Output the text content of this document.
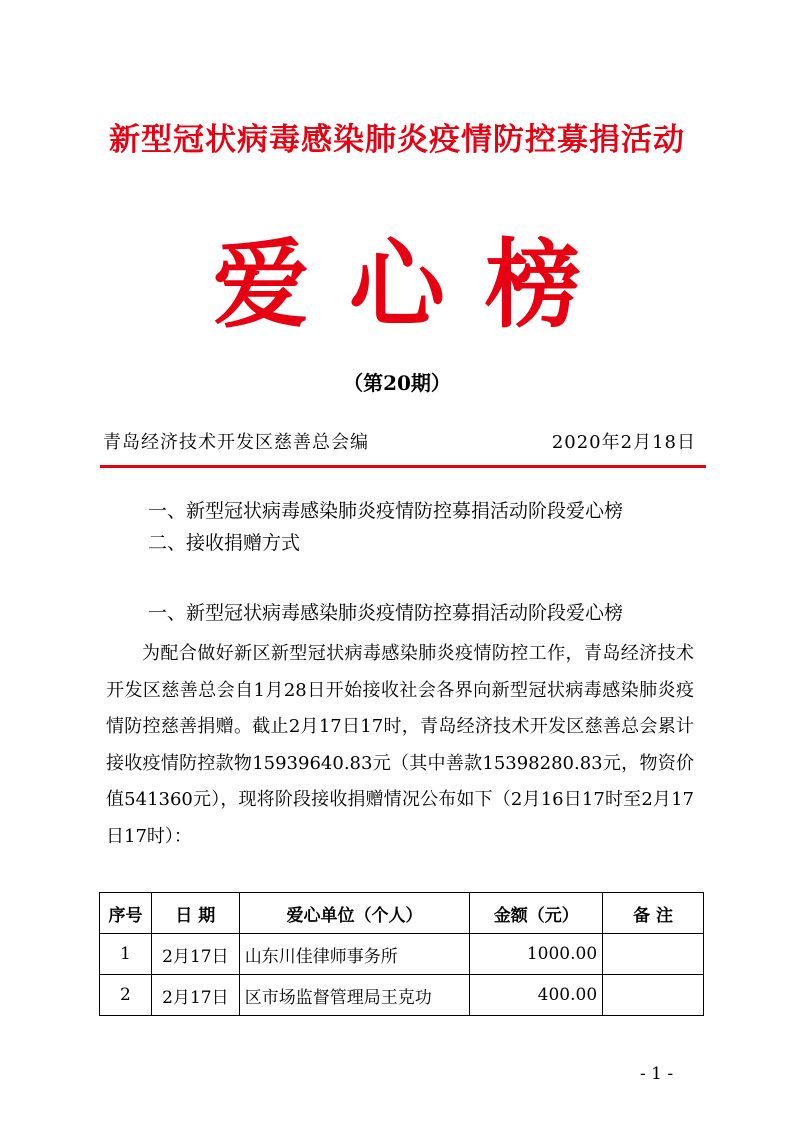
新型冠状病毒感染肺炎疫情防控募捐活动
爱心榜
（第20期）
青岛经济技术开发区慈善总会编	2020年2月18日
一、新型冠状病毒感染肺炎疫情防控募捐活动阶段爱心榜
二、接收捐赠方式
一、新型冠状病毒感染肺炎疫情防控募捐活动阶段爱心榜

为配合做好新区新型冠状病毒感染肺炎疫情防控工作，青岛经济技术开发区慈善总会自1月28日开始接收社会各界向新型冠状病毒感染肺炎疫情防控慈善捐赠。截止2月17日17时，青岛经济技术开发区慈善总会累计接收疫情防控款物15939640.83元（其中善款15398280.83元，物资价值541360元），现将阶段接收捐赠情况公布如下（2月16日17时至2月17日17时）：

序号	日 期	爱心单位（个人）	金额（元）	备 注
1	2月17日	山东川佳律师事务所	1000.00	
2	2月17日	区市场监督管理局王克功	400.00	
- 1 -
